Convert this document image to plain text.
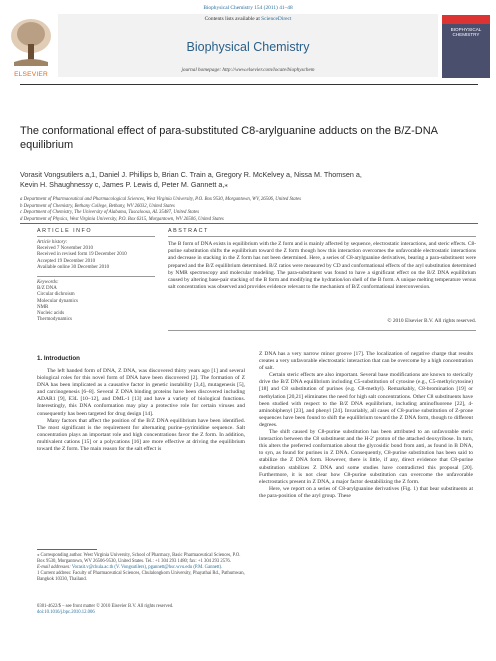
Biophysical Chemistry 154 (2011) 41–48
Contents lists available at ScienceDirect
Biophysical Chemistry
journal homepage: http://www.elsevier.com/locate/biophyschem
ELSEVIER
BIOPHYSICAL CHEMISTRY
The conformational effect of para-substituted C8-arylguanine adducts on the B/Z-DNA equilibrium
Vorasit Vongsutilers a,1, Daniel J. Phillips b, Brian C. Train a, Gregory R. McKelvey a, Nissa M. Thomsen a,
Kevin H. Shaughnessy c, James P. Lewis d, Peter M. Gannett a,⁎
a Department of Pharmaceutical and Pharmacological Sciences, West Virginia University, P.O. Box 9530, Morgantown, WV, 26506, United States
b Department of Chemistry, Bethany College, Bethany, WV 26032, United States
c Department of Chemistry, The University of Alabama, Tuscaloosa, AL 35487, United States
d Department of Physics, West Virginia University, P.O. Box 6315, Morgantown, WV 26506, United States
ARTICLE INFO
Article history:
Received 7 November 2010
Received in revised form 19 December 2010
Accepted 19 December 2010
Available online 30 December 2010
Keywords:
B/Z DNA
Circular dichroism
Molecular dynamics
NMR
Nucleic acids
Thermodynamics
ABSTRACT
The B form of DNA exists in equilibrium with the Z form and is mainly affected by sequence, electrostatic interactions, and steric effects. C8-purine substitution shifts the equilibrium toward the Z form though how this interaction overcomes the unfavorable electrostatic interactions and decrease in stacking in the Z form has not been determined. Here, a series of C8-arylguanine derivatives, bearing a para-substituent were prepared and the B/Z equilibrium determined. B/Z ratios were measured by CD and conformational effects of the aryl substitution determined by NMR spectroscopy and molecular modeling. The para-substituent was found to have a significant effect on the B/Z DNA equilibrium caused by altering base-pair stacking of the B form and modifying the hydration/ion shell of the B form. A unique melting temperature versus salt concentration was observed and provides evidence relevant to the mechanism of B/Z conformational interconversion.
© 2010 Elsevier B.V. All rights reserved.
1. Introduction

The left handed form of DNA, Z DNA, was discovered thirty years ago [1] and several biological roles for this novel form of DNA have been discovered [2]. The formation of Z DNA has been implicated as a causative factor in genetic instability [3,4], mutagenesis [5], and carcinogenesis [6–8]. Several Z DNA binding proteins have been discovered including ADAR1 [9], E3L [10–12], and DML-1 [13] and have a variety of biological functions. Interestingly, this DNA conformation may play a protective role for certain viruses and consequently has been targeted for drug design [14].

Many factors that affect the position of the B/Z DNA equilibrium have been identified. The most significant is the requirement for alternating purine–pyrimidine sequence. Salt concentration plays an important role and high concentrations favor the Z form. In addition, multivalent cations [15] or a polycations [16] are more effective at driving the equilibrium toward the Z form. The main reason for the salt effect is

Z DNA has a very narrow minor groove [17]. The localization of negative charge that results creates a very unfavorable electrostatic interaction that can be overcome by a high concentration of salt.

Certain steric effects are also important. Several base modifications are known to sterically drive the B/Z DNA equilibrium including C5-substitution of cytosine (e.g., C5-methylcytosine) [18] and C8 substitution of purines (e.g. C8-methyl). Remarkably, C8-bromination [19] or methylation [20,21] eliminates the need for high salt concentrations. Other C8 substituents have been studied with respect to the B/Z DNA equilibrium, including aminofluorene [22], 4-aminobiphenyl [23], and phenyl [24]. Invariably, all cases of C8-purine substitution of Z-prone sequences have been found to shift the equilibrium toward the Z DNA form, though to different degrees.

The shift caused by C8-purine substitution has been attributed to an unfavorable steric interaction between the C8 substituent and the H-2′ proton of the attached deoxyribose. In turn, this alters the preferred conformation about the glycosidic bond from anti, as found in B DNA, to syn, as found for purines in Z DNA. Consequently, C8-purine substitution has been said to stabilize the Z DNA form. However, there is little, if any, direct evidence that C8-purine substitution stabilizes Z DNA and some studies have contradicted this proposal [20]. Furthermore, it is not clear how C8-purine substitution can overcome the unfavorable electrostatics present in Z DNA, a major factor destabilizing the Z form.

Here, we report on a series of C8-arylguanine derivatives (Fig. 1) that bear substituents at the para-position of the aryl group. These

⁎ Corresponding author. West Virginia University, School of Pharmacy, Basic Pharmaceutical Sciences, P.O. Box 9530, Morgantown, WV 26506-9530, United States. Tel.: +1 304 293 1480; fax: +1 304 293 2576.
E-mail addresses: Vorasit.v@chula.ac.th (V. Vongsutilers), pgannett@hsc.wvu.edu (P.M. Gannett).
1 Current address: Faculty of Pharmaceutical Sciences, Chulalongkorn University, Phayathai Rd., Pathumwan, Bangkok 10330, Thailand.
0301-4622/$ – see front matter © 2010 Elsevier B.V. All rights reserved.
doi:10.1016/j.bpc.2010.12.006
